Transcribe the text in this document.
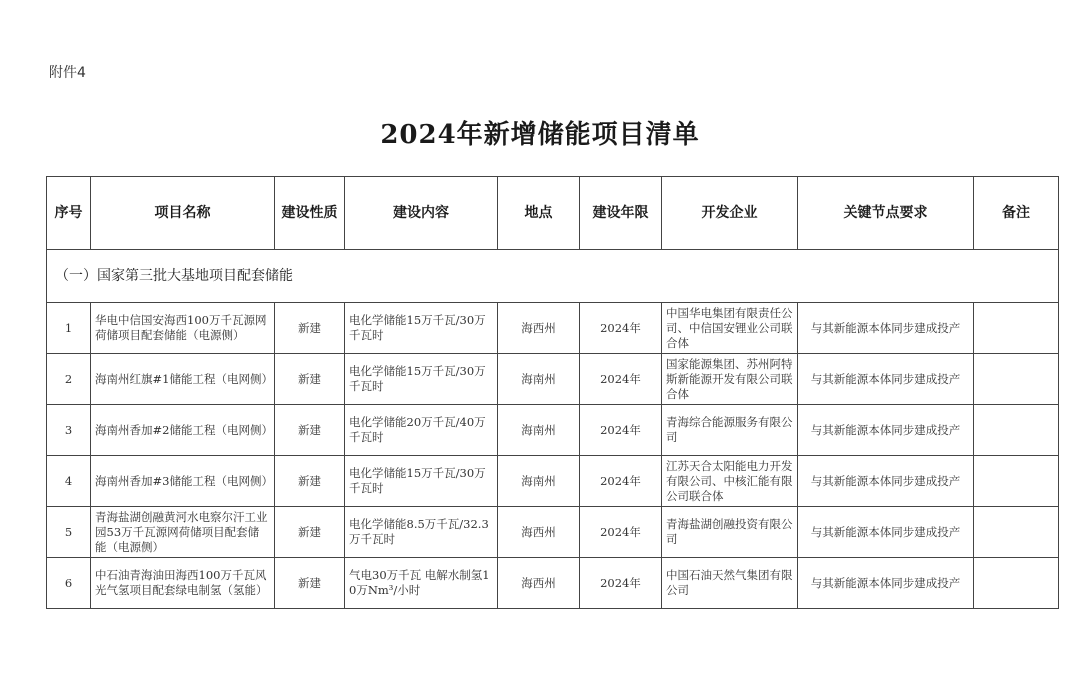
附件4
2024年新增储能项目清单
序号	项目名称	建设性质	建设内容	地点	建设年限	开发企业	关键节点要求	备注
（一）国家第三批大基地项目配套储能								
1	华电中信国安海西100万千瓦源网荷储项目配套储能（电源侧）	新建	电化学储能15万千瓦/30万千瓦时	海西州	2024年	中国华电集团有限责任公司、中信国安锂业公司联合体	与其新能源本体同步建成投产	
2	海南州红旗#1储能工程（电网侧）	新建	电化学储能15万千瓦/30万千瓦时	海南州	2024年	国家能源集团、苏州阿特斯新能源开发有限公司联合体	与其新能源本体同步建成投产	
3	海南州香加#2储能工程（电网侧）	新建	电化学储能20万千瓦/40万千瓦时	海南州	2024年	青海综合能源服务有限公司	与其新能源本体同步建成投产	
4	海南州香加#3储能工程（电网侧）	新建	电化学储能15万千瓦/30万千瓦时	海南州	2024年	江苏天合太阳能电力开发有限公司、中核汇能有限公司联合体	与其新能源本体同步建成投产	
5	青海盐湖创融黄河水电察尔汗工业园53万千瓦源网荷储项目配套储能（电源侧）	新建	电化学储能8.5万千瓦/32.3万千瓦时	海西州	2024年	青海盐湖创融投资有限公司	与其新能源本体同步建成投产	
6	中石油青海油田海西100万千瓦风光气氢项目配套绿电制氢（氢能）	新建	气电30万千瓦 电解水制氢10万Nm³/小时	海西州	2024年	中国石油天然气集团有限公司	与其新能源本体同步建成投产	
